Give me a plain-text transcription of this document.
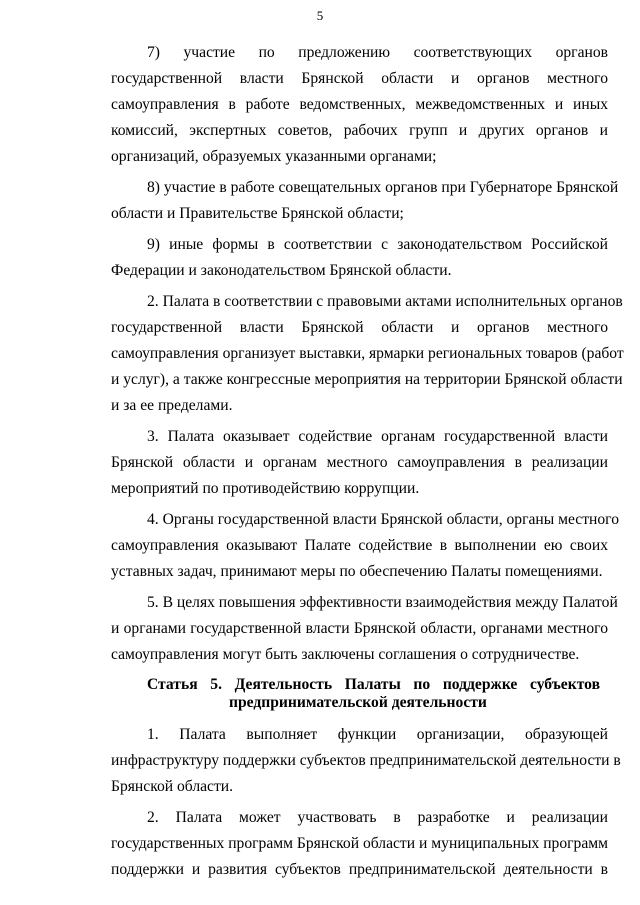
5
7) участие по предложению соответствующих органов
государственной власти Брянской области и органов местного
самоуправления в работе ведомственных, межведомственных и иных
комиссий, экспертных советов, рабочих групп и других органов и
организаций, образуемых указанными органами;
8) участие в работе совещательных органов при Губернаторе Брянской
области и Правительстве Брянской области;
9) иные формы в соответствии с законодательством Российской
Федерации и законодательством Брянской области.
2. Палата в соответствии с правовыми актами исполнительных органов
государственной власти Брянской области и органов местного
самоуправления организует выставки, ярмарки региональных товаров (работ
и услуг), а также конгрессные мероприятия на территории Брянской области
и за ее пределами.
3. Палата оказывает содействие органам государственной власти
Брянской области и органам местного самоуправления в реализации
мероприятий по противодействию коррупции.
4. Органы государственной власти Брянской области, органы местного
самоуправления оказывают Палате содействие в выполнении ею своих
уставных задач, принимают меры по обеспечению Палаты помещениями.
5. В целях повышения эффективности взаимодействия между Палатой
и органами государственной власти Брянской области, органами местного
самоуправления могут быть заключены соглашения о сотрудничестве.
Статья 5. Деятельность Палаты по поддержке субъектов
предпринимательской деятельности
1. Палата выполняет функции организации, образующей
инфраструктуру поддержки субъектов предпринимательской деятельности в
Брянской области.
2. Палата может участвовать в разработке и реализации
государственных программ Брянской области и муниципальных программ
поддержки и развития субъектов предпринимательской деятельности в
